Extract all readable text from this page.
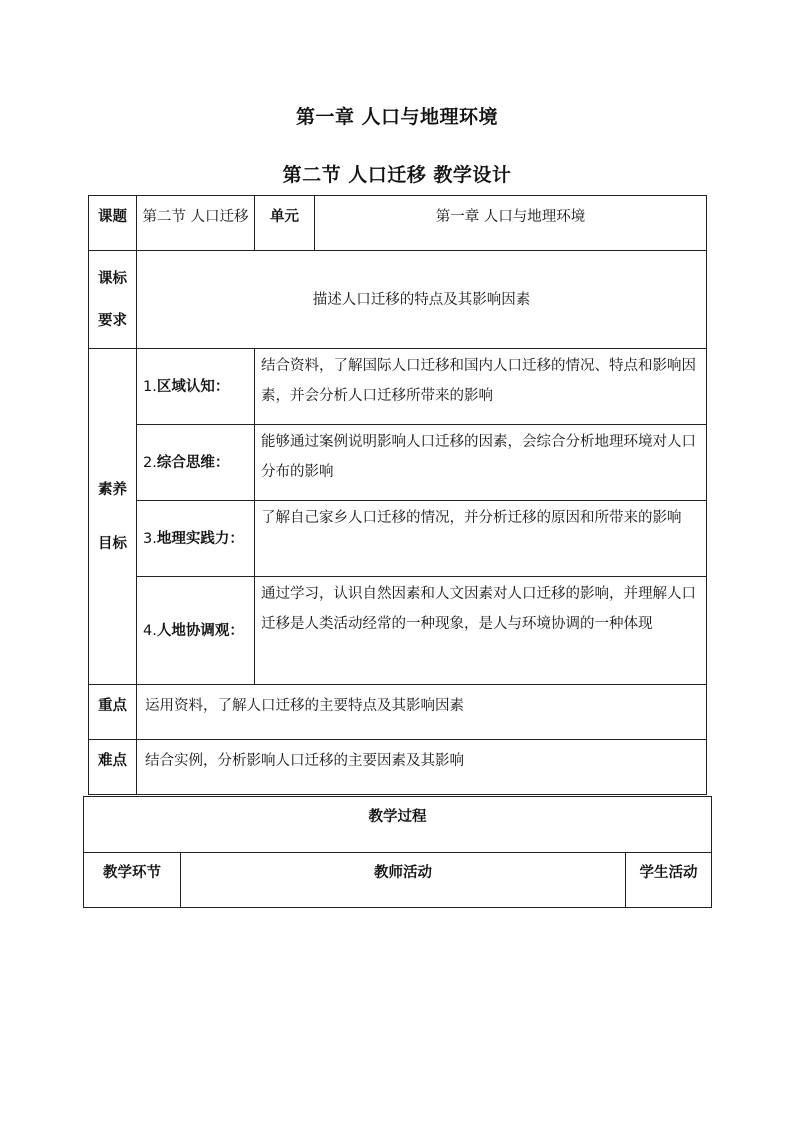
第一章 人口与地理环境
第二节 人口迁移 教学设计
课题	第二节 人口迁移	单元	第一章 人口与地理环境

课标
要求	描述人口迁移的特点及其影响因素		

素养
目标	1.区域认知：	结合资料，了解国际人口迁移和国内人口迁移的情况、特点和影响因素，并会分析人口迁移所带来的影响	
	2.综合思维：	能够通过案例说明影响人口迁移的因素，会综合分析地理环境对人口分布的影响	
	3.地理实践力：	了解自己家乡人口迁移的情况，并分析迁移的原因和所带来的影响	
	4.人地协调观：	通过学习，认识自然因素和人文因素对人口迁移的影响，并理解人口迁移是人类活动经常的一种现象，是人与环境协调的一种体现	
重点	运用资料，了解人口迁移的主要特点及其影响因素		
难点	结合实例，分析影响人口迁移的主要因素及其影响		
教学过程
教学环节	教师活动	学生活动
